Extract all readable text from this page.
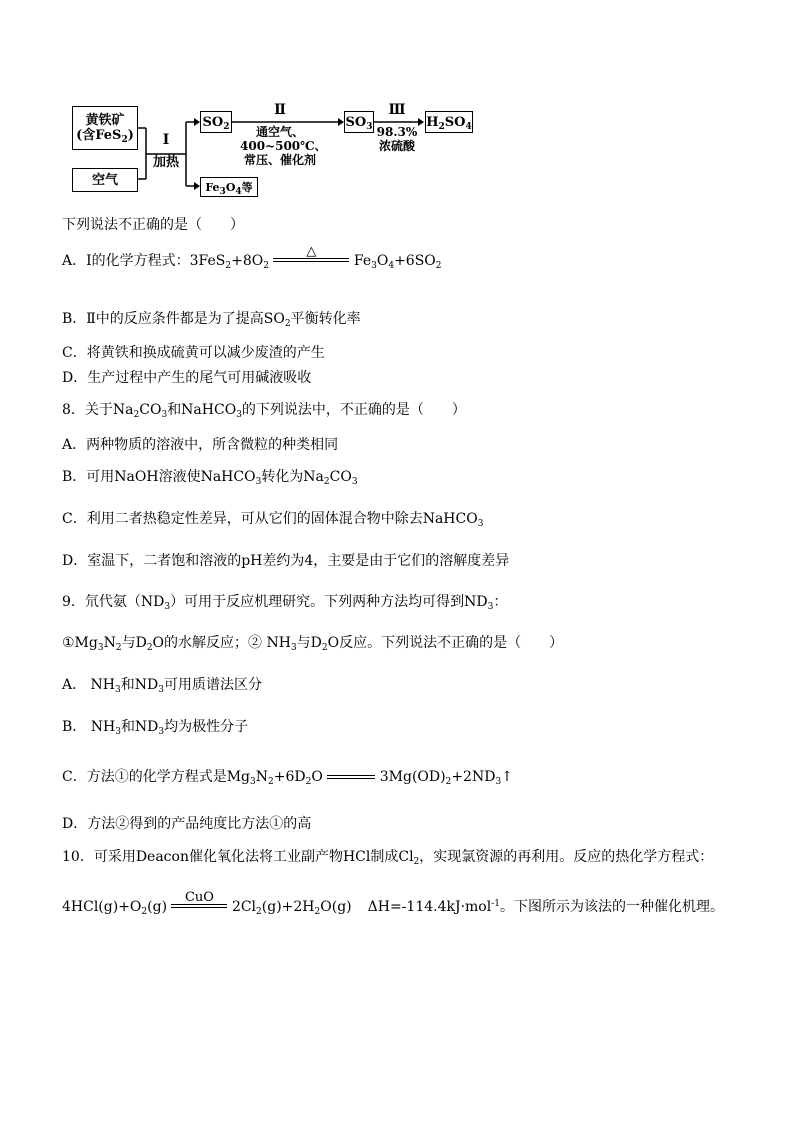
黄铁矿
(含FeS$_2$)
空气
Ⅰ
加热
$SO_2$
$Fe_3O_4$等
Ⅱ
通空气、
400~500℃、
常压、催化剂
$SO_3$
Ⅲ
98.3%
浓硫酸
$H_2SO_4$
下列说法不正确的是（　　）
A．Ⅰ的化学方程式：$3FeS_2+8O_2$
△
$Fe_3O_4+6SO_2$
B．Ⅱ中的反应条件都是为了提高$SO_2$平衡转化率
C．将黄铁和换成硫黄可以减少废渣的产生
D．生产过程中产生的尾气可用碱液吸收
8．关于$Na_2CO_3$和NaHCO$_3$的下列说法中，不正确的是（　　）
A．两种物质的溶液中，所含微粒的种类相同
B．可用NaOH溶液使NaHCO$_3$转化为$Na_2CO_3$
C．利用二者热稳定性差异，可从它们的固体混合物中除去NaHCO$_3$
D．室温下，二者饱和溶液的pH差约为4，主要是由于它们的溶解度差异
9．氘代氨$(ND_3)$可用于反应机理研究。下列两种方法均可得到$ND_3$：
$①Mg_3N_2$与$D_2O$的水解反应；② $NH_3$与$D_2O$反应。下列说法不正确的是（　　）
A． $NH_3$和$ND_3$可用质谱法区分
B． $NH_3$和$ND_3$均为极性分子
C．方法①的化学方程式是$Mg_3N_2+6D_2O$	$3Mg(OD)_2+2ND_3↑$
D．方法②得到的产品纯度比方法①的高
10．可采用Deacon催化氧化法将工业副产物HCl制成$Cl_2$，实现氯资源的再利用。反应的热化学方程式：
$4HCl(g)+O_2(g)$
CuO
$2Cl_2(g)+2H_2O(g)$ ΔH=-114.4kJ·mol$^{-1}$。下图所示为该法的一种催化机理。
